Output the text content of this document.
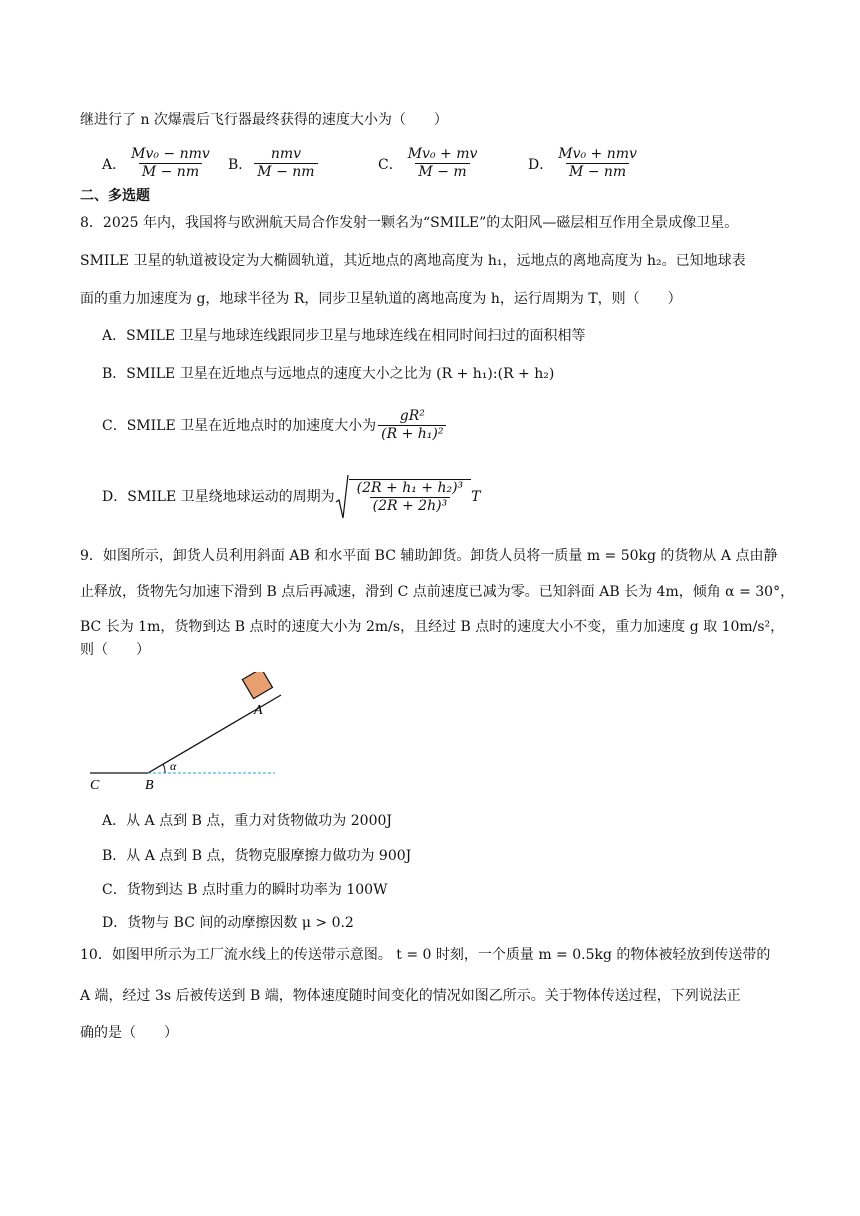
继进行了 n 次爆震后飞行器最终获得的速度大小为（　　）
A． $\frac{\text{Mv₀ − nmv}}{M - nm}$ B． $\frac{\text{nmv}}{M - nm}$	C． $\frac{\text{Mv₀ + mv}}{M - m}$	D． $\frac{\text{Mv₀ + nmv}}{M - nm}$
二、多选题
8．2025 年内，我国将与欧洲航天局合作发射一颗名为“SMILE”的太阳风—磁层相互作用全景成像卫星。
SMILE 卫星的轨道被设定为大椭圆轨道，其近地点的离地高度为 h₁，远地点的离地高度为 h₂。已知地球表
面的重力加速度为 g，地球半径为 R，同步卫星轨道的离地高度为 h，运行周期为 T，则（　　）
A．SMILE 卫星与地球连线跟同步卫星与地球连线在相同时间扫过的面积相等
B．SMILE 卫星在近地点与远地点的速度大小之比为 (R + h₁):(R + h₂)
C．SMILE 卫星在近地点时的加速度大小为 $\frac{\text{gR²}}{\text{(R + h₁)²}}$
D．SMILE 卫星绕地球运动的周期为 $\frac{\text{(2R + h₁ + h₂)³}}{\text{(2R + 2h)³}}$ T
9．如图所示，卸货人员利用斜面 AB 和水平面 BC 辅助卸货。卸货人员将一质量 m = 50kg 的货物从 A 点由静
止释放，货物先匀加速下滑到 B 点后再减速，滑到 C 点前速度已减为零。已知斜面 AB 长为 4m，倾角 α = 30°，
BC 长为 1m，货物到达 B 点时的速度大小为 2m/s，且经过 B 点时的速度大小不变，重力加速度 g 取 10m/s²，
则（　　）
α
A
B
C
A．从 A 点到 B 点，重力对货物做功为 2000J
B．从 A 点到 B 点，货物克服摩擦力做功为 900J
C．货物到达 B 点时重力的瞬时功率为 100W
D．货物与 BC 间的动摩擦因数 μ > 0.2
10．如图甲所示为工厂流水线上的传送带示意图。 t = 0 时刻，一个质量 m = 0.5kg 的物体被轻放到传送带的
A 端，经过 3s 后被传送到 B 端，物体速度随时间变化的情况如图乙所示。关于物体传送过程，下列说法正
确的是（　　）
